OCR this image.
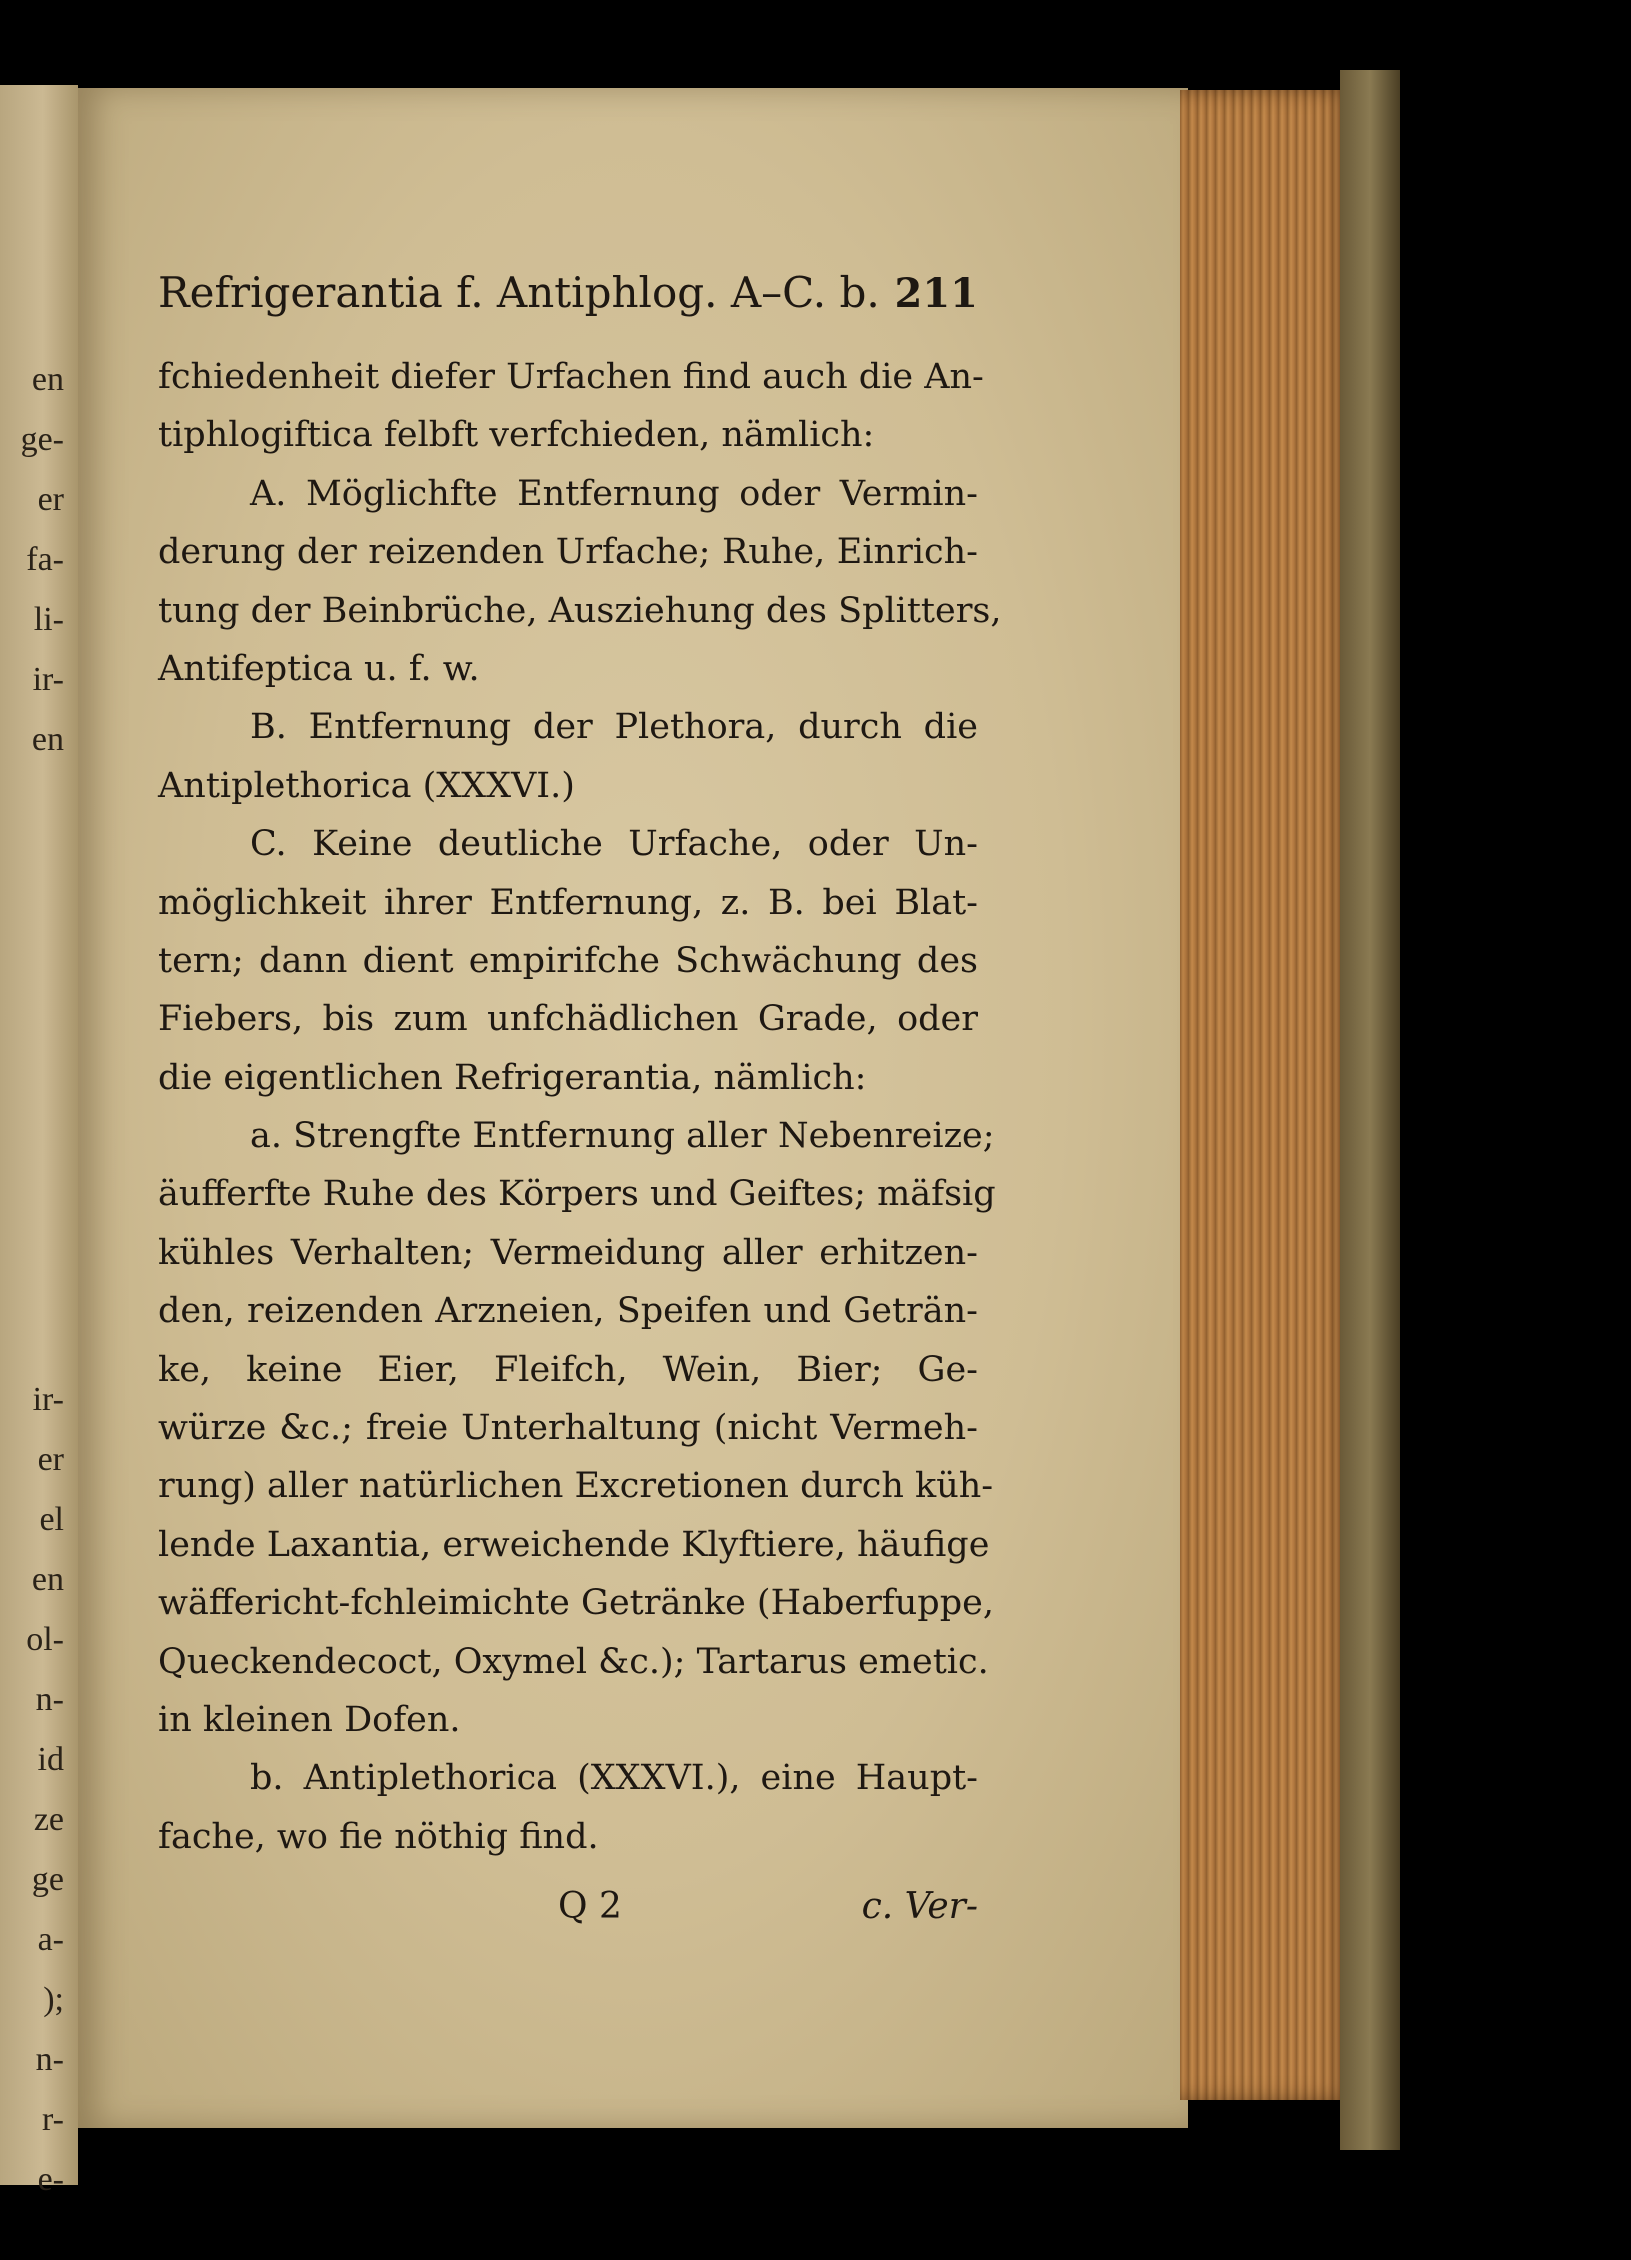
en
ge-
er
fa-
li-
ir-
en
ir-
er
el
en
ol-
n-
id
ze
ge
a-
);
n-
r-
e-
Refrigerantia f. Antiphlog. A–C. b. 211
fchiedenheit diefer Urfachen find auch die An-
tiphlogiftica felbft verfchieden, nämlich:
A. Möglichfte Entfernung oder Vermin-
derung der reizenden Urfache; Ruhe, Einrich-
tung der Beinbrüche, Ausziehung des Splitters,
Antifeptica u. f. w.
B. Entfernung der Plethora, durch die
Antiplethorica (XXXVI.)
C. Keine deutliche Urfache, oder Un-
möglichkeit ihrer Entfernung, z. B. bei Blat-
tern; dann dient empirifche Schwächung des
Fiebers, bis zum unfchädlichen Grade, oder
die eigentlichen Refrigerantia, nämlich:
a. Strengfte Entfernung aller Nebenreize;
äufferfte Ruhe des Körpers und Geiftes; mäfsig
kühles Verhalten; Vermeidung aller erhitzen-
den, reizenden Arzneien, Speifen und Geträn-
ke, keine Eier, Fleifch, Wein, Bier; Ge-
würze &c.; freie Unterhaltung (nicht Vermeh-
rung) aller natürlichen Excretionen durch küh-
lende Laxantia, erweichende Klyftiere, häufige
wäffericht-fchleimichte Getränke (Haberfuppe,
Queckendecoct, Oxymel &c.); Tartarus emetic.
in kleinen Dofen.
b. Antiplethorica (XXXVI.), eine Haupt-
fache, wo fie nöthig find.
Q 2	c. Ver-
